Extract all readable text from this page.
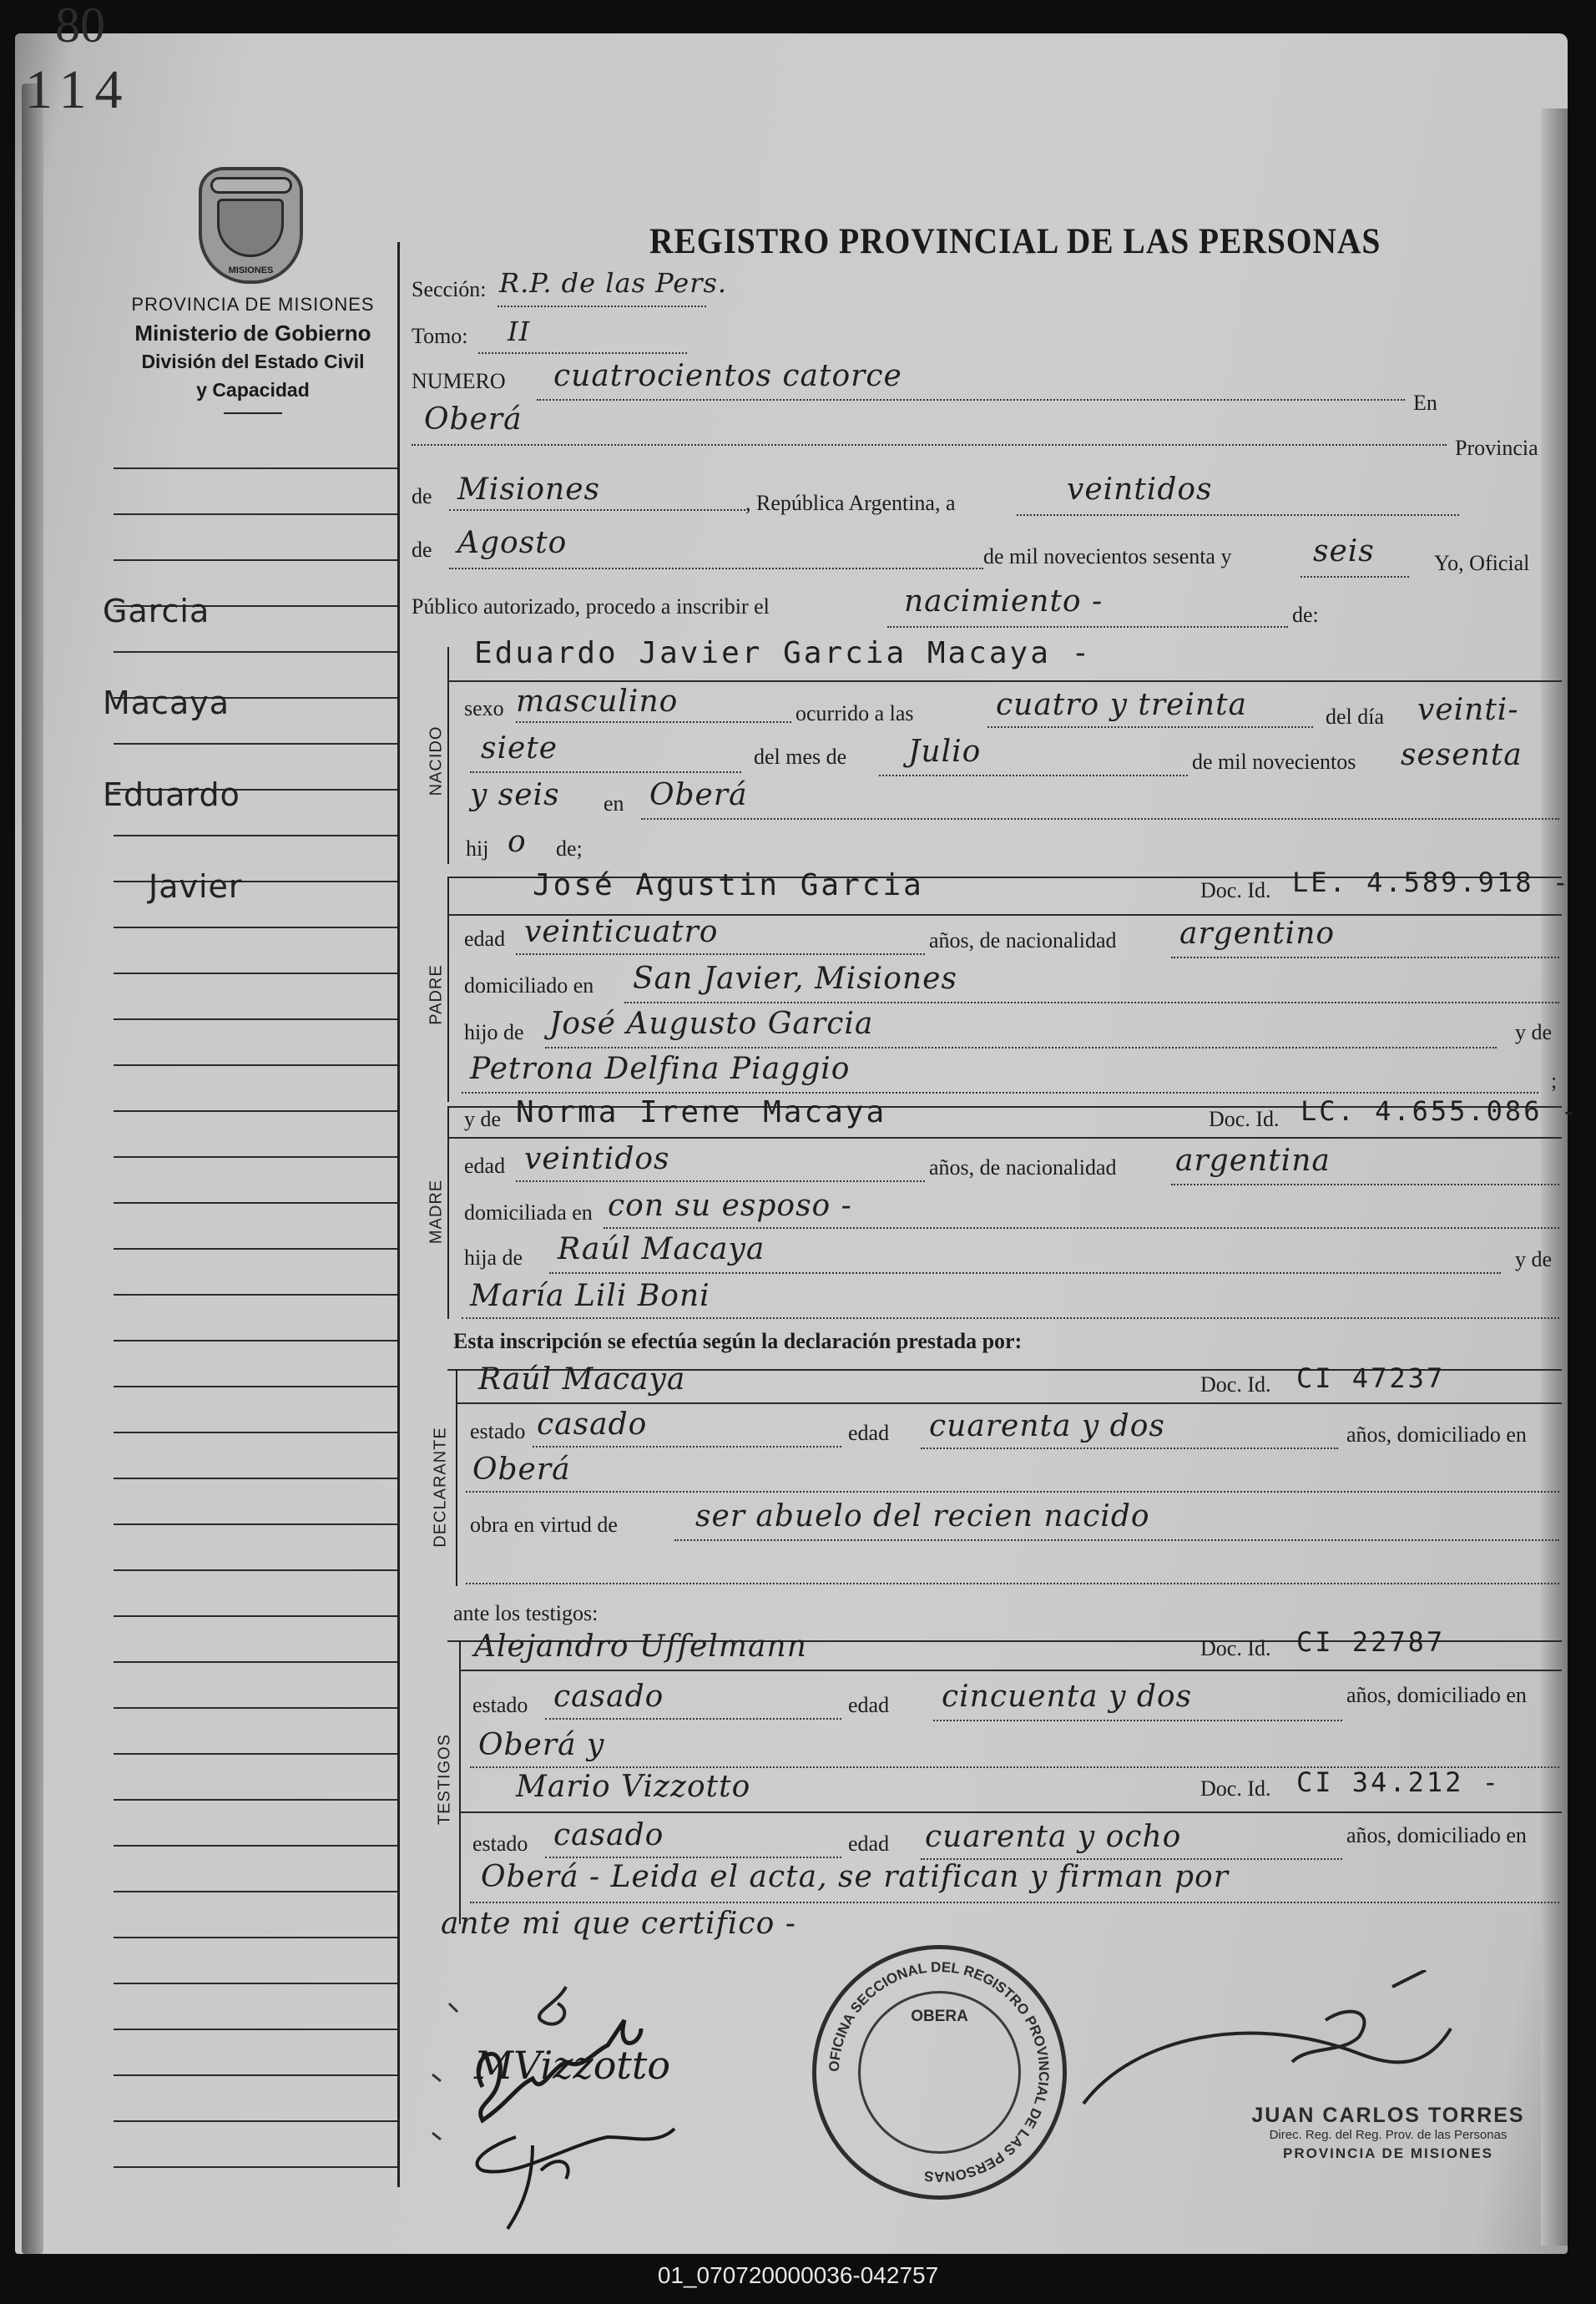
80
114
MISIONES
PROVINCIA DE MISIONES
Ministerio de Gobierno
División del Estado Civil
y Capacidad
REGISTRO PROVINCIAL DE LAS PERSONAS
Garcia
Macaya
Eduardo
Javier
Sección: R.P. de las Pers.
Tomo: II
NUMERO cuatrocientos catorce
En
Oberá
Provincia
de Misiones	, República Argentina, a	veintidos
de Agosto	de mil novecientos sesenta y	seis	Yo, Oficial
Público autorizado, procedo a inscribir el	nacimiento -	de:
NACIDO
Eduardo Javier Garcia Macaya -
sexo masculino	ocurrido a las	cuatro y treinta	del día veinti-
siete	del mes de Julio	de mil novecientos sesenta
y seis en Oberá
hij o de;
PADRE
José Agustin Garcia	Doc. Id. LE. 4.589.918 -
edad veinticuatro	años, de nacionalidad argentino
domiciliado en San Javier, Misiones
hijo de José Augusto Garcia	y de
Petrona Delfina Piaggio	;
MADRE
y de Norma Irene Macaya	Doc. Id. LC. 4.655.086 -
edad veintidos	años, de nacionalidad argentina
domiciliada en con su esposo -
hija de Raúl Macaya	y de
María Lili Boni
Esta inscripción se efectúa según la declaración prestada por:
DECLARANTE
Raúl Macaya	Doc. Id. CI 47237
estado casado	edad cuarenta y dos	años, domiciliado en
Oberá
obra en virtud de	ser abuelo del recien nacido
ante los testigos:
TESTIGOS
Alejandro Uffelmann	Doc. Id. CI 22787
estado casado	edad cincuenta y dos	años, domiciliado en
Oberá y
Mario Vizzotto	Doc. Id. CI 34.212 -
estado casado	edad cuarenta y ocho	años, domiciliado en
Oberá - Leida el acta, se ratifican y firman por
ante mi que certifico -
OFICINA SECCIONAL DEL REGISTRO PROVINCIAL DE LAS PERSONAS
OBERA
MVizzotto
JUAN CARLOS TORRES
Direc. Reg. del Reg. Prov. de las Personas
PROVINCIA DE MISIONES
01_070720000036-042757
